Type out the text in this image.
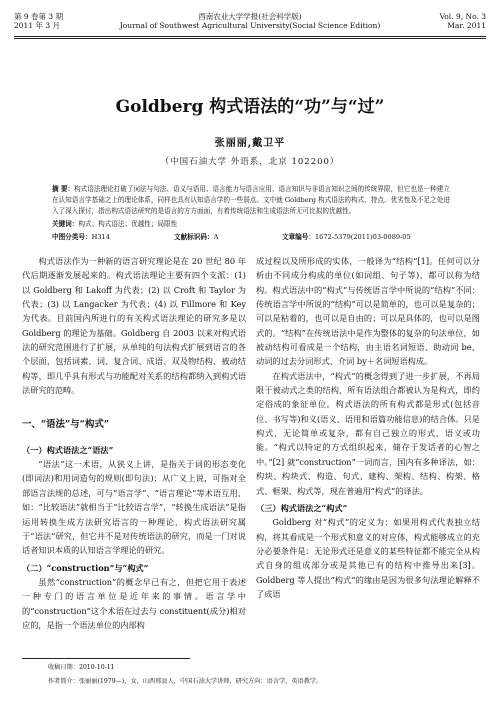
第 9 卷第 3 期
2011 年 3 月
西南农业大学学报(社会科学版)
Journal of Southwest Agricultural University(Social Science Edition)
Vol. 9, No. 3
Mar. 2011
Goldberg 构式语法的“功”与“过”
张丽丽,戴卫平
（中国石油大学 外语系，北京 102200）
摘 要：构式语法理论打破了词法与句法、语义与语用、语言能力与语言应用、语言知识与非语言知识之间的传统界限，但它也是一种建立在认知语言学基础之上的理论体系，同样也具有认知语言学的一些弱点。文中就 Goldberg 构式语法的构式、特点、优劣性及不足之处进入了深入探讨，指出构式语法研究的是语言的方方面面，有着传统语法和生成语法所无可比拟的优越性。
关键词：构式；构式语法；优越性；局限性
中图分类号：H314	文献标识码：A	文章编号：1672-5379(2011)03-0089-05

构式语法作为一种新的语言研究理论是在 20 世纪 80 年代后期逐渐发展起来的。构式语法理论主要有四个支派：(1) 以 Goldberg 和 Lakoff 为代表；(2) 以 Croft 和 Taylor 为代表；(3) 以 Langacker 为代表；(4) 以 Fillmore 和 Key 为代表。目前国内所进行的有关构式语法理论的研究多是以 Goldberg 的理论为基础。Goldberg 自 2003 以来对构式语法的研究范围进行了扩展，从单纯的句法构式扩展到语言的各个层面，包括词素、词、复合词、成语、双及物结构、被动结构等，即几乎具有形式与功能配对关系的结构都纳入到构式语法研究的范畴。

一、“语法”与“构式”
（一）构式语法之“语法”

“语法”这一术语，从狭义上讲，是指关于词的形态变化(即词法)和用词造句的规则(即句法)；从广义上说，可指对全部语言法规的总述，可与“语言学”、“语言理论”等术语互用，如：“比较语法”就相当于“比较语言学”，“转换生成语法”是指运用转换生成方法研究语言的一种理论，构式语法研究属于“语法”研究，但它并不是对传统语法的研究，而是一门对说话者知识本质的认知语言学理论的研究。

（二）“construction”与“构式”

虽然“construction”的概念早已有之，但把它用于表述一种专门的语言单位是近年来的事情。语言学中的“construction”这个术语在过去与 constituent(成分)相对应的，是指一个语法单位的内部构

成过程以及所形成的实体，一般译为“结构”[1]。任何可以分析由不同成分构成的单位(如词组、句子等)，都可以称为结构。构式语法中的“构式”与传统语言学中所说的“结构”不同：传统语言学中所说的“结构”可以是简单的，也可以是复杂的；可以是粘着的，也可以是自由的；可以是具体的，也可以是图式的。“结构”在传统语法中是作为整体的复杂的句法单位，如被动结构可看成是一个结构，由主语名词短语、助动词 be、动词的过去分词形式、介词 by＋名词短语构成。

在构式语法中，“构式”的概念得到了进一步扩展，不再局限于被动式之类的结构，所有语法组合都被认为是构式，即约定俗成的象征单位。构式语法的所有构式都是形式(包括音位、书写等)和义(语义、语用和语篇功能信息)的结合体。只是构式，无论简单或复杂，都有自己独立的形式、语义或功能。“构式以特定的方式组织起来，储存于发话者的心智之中。”[2] 就“construction”一词而言，国内有多种译法，如：构块、构块式、构造、句式、建构、架构、结构、构架、格式、框架、构式等，现在普遍用“构式”的译法。

（三）构式语法之“构式”

Goldberg 对“构式”的定义为：如果用构式代表独立结构，将其看成是一个形式和意义的对应体，构式能够成立的充分必要条件是：无论形式还是意义的某些特征都不能完全从构式自身的组成部分或是其他已有的结构中推导出来[3]。Goldberg 等人提出“构式”的缘由是因为很多句法理论解释不了成语

收稿日期：2010-10-11
作者简介：张丽丽(1979—)，女，山西邢县人，中国石油大学讲师，研究方向：语言学、英语教学。
